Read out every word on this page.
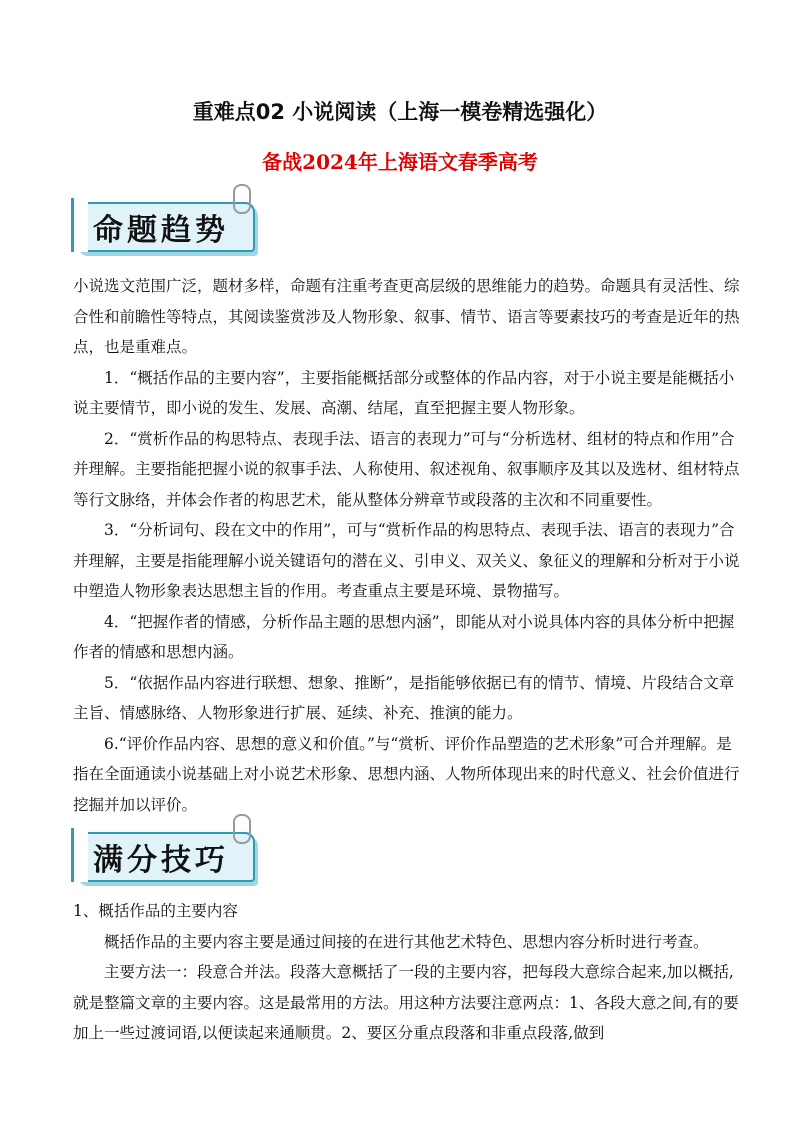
重难点02 小说阅读（上海一模卷精选强化）
备战2024年上海语文春季高考
命题趋势

小说选文范围广泛，题材多样，命题有注重考查更高层级的思维能力的趋势。命题具有灵活性、综合性和前瞻性等特点，其阅读鉴赏涉及人物形象、叙事、情节、语言等要素技巧的考查是近年的热点，也是重难点。

1．“概括作品的主要内容”，主要指能概括部分或整体的作品内容，对于小说主要是能概括小说主要情节，即小说的发生、发展、高潮、结尾，直至把握主要人物形象。

2．“赏析作品的构思特点、表现手法、语言的表现力”可与“分析选材、组材的特点和作用”合并理解。主要指能把握小说的叙事手法、人称使用、叙述视角、叙事顺序及其以及选材、组材特点等行文脉络，并体会作者的构思艺术，能从整体分辨章节或段落的主次和不同重要性。

3．“分析词句、段在文中的作用”，可与“赏析作品的构思特点、表现手法、语言的表现力”合并理解，主要是指能理解小说关键语句的潜在义、引申义、双关义、象征义的理解和分析对于小说中塑造人物形象表达思想主旨的作用。考查重点主要是环境、景物描写。

4．“把握作者的情感，分析作品主题的思想内涵”，即能从对小说具体内容的具体分析中把握作者的情感和思想内涵。

5．“依据作品内容进行联想、想象、推断”，是指能够依据已有的情节、情境、片段结合文章主旨、情感脉络、人物形象进行扩展、延续、补充、推演的能力。

6.“评价作品内容、思想的意义和价值。”与“赏析、评价作品塑造的艺术形象”可合并理解。是指在全面通读小说基础上对小说艺术形象、思想内涵、人物所体现出来的时代意义、社会价值进行挖掘并加以评价。

满分技巧

1、概括作品的主要内容

概括作品的主要内容主要是通过间接的在进行其他艺术特色、思想内容分析时进行考查。

主要方法一：段意合并法。段落大意概括了一段的主要内容，把每段大意综合起来,加以概括,就是整篇文章的主要内容。这是最常用的方法。用这种方法要注意两点：1、各段大意之间,有的要加上一些过渡词语,以便读起来通顺贯。2、要区分重点段落和非重点段落,做到
